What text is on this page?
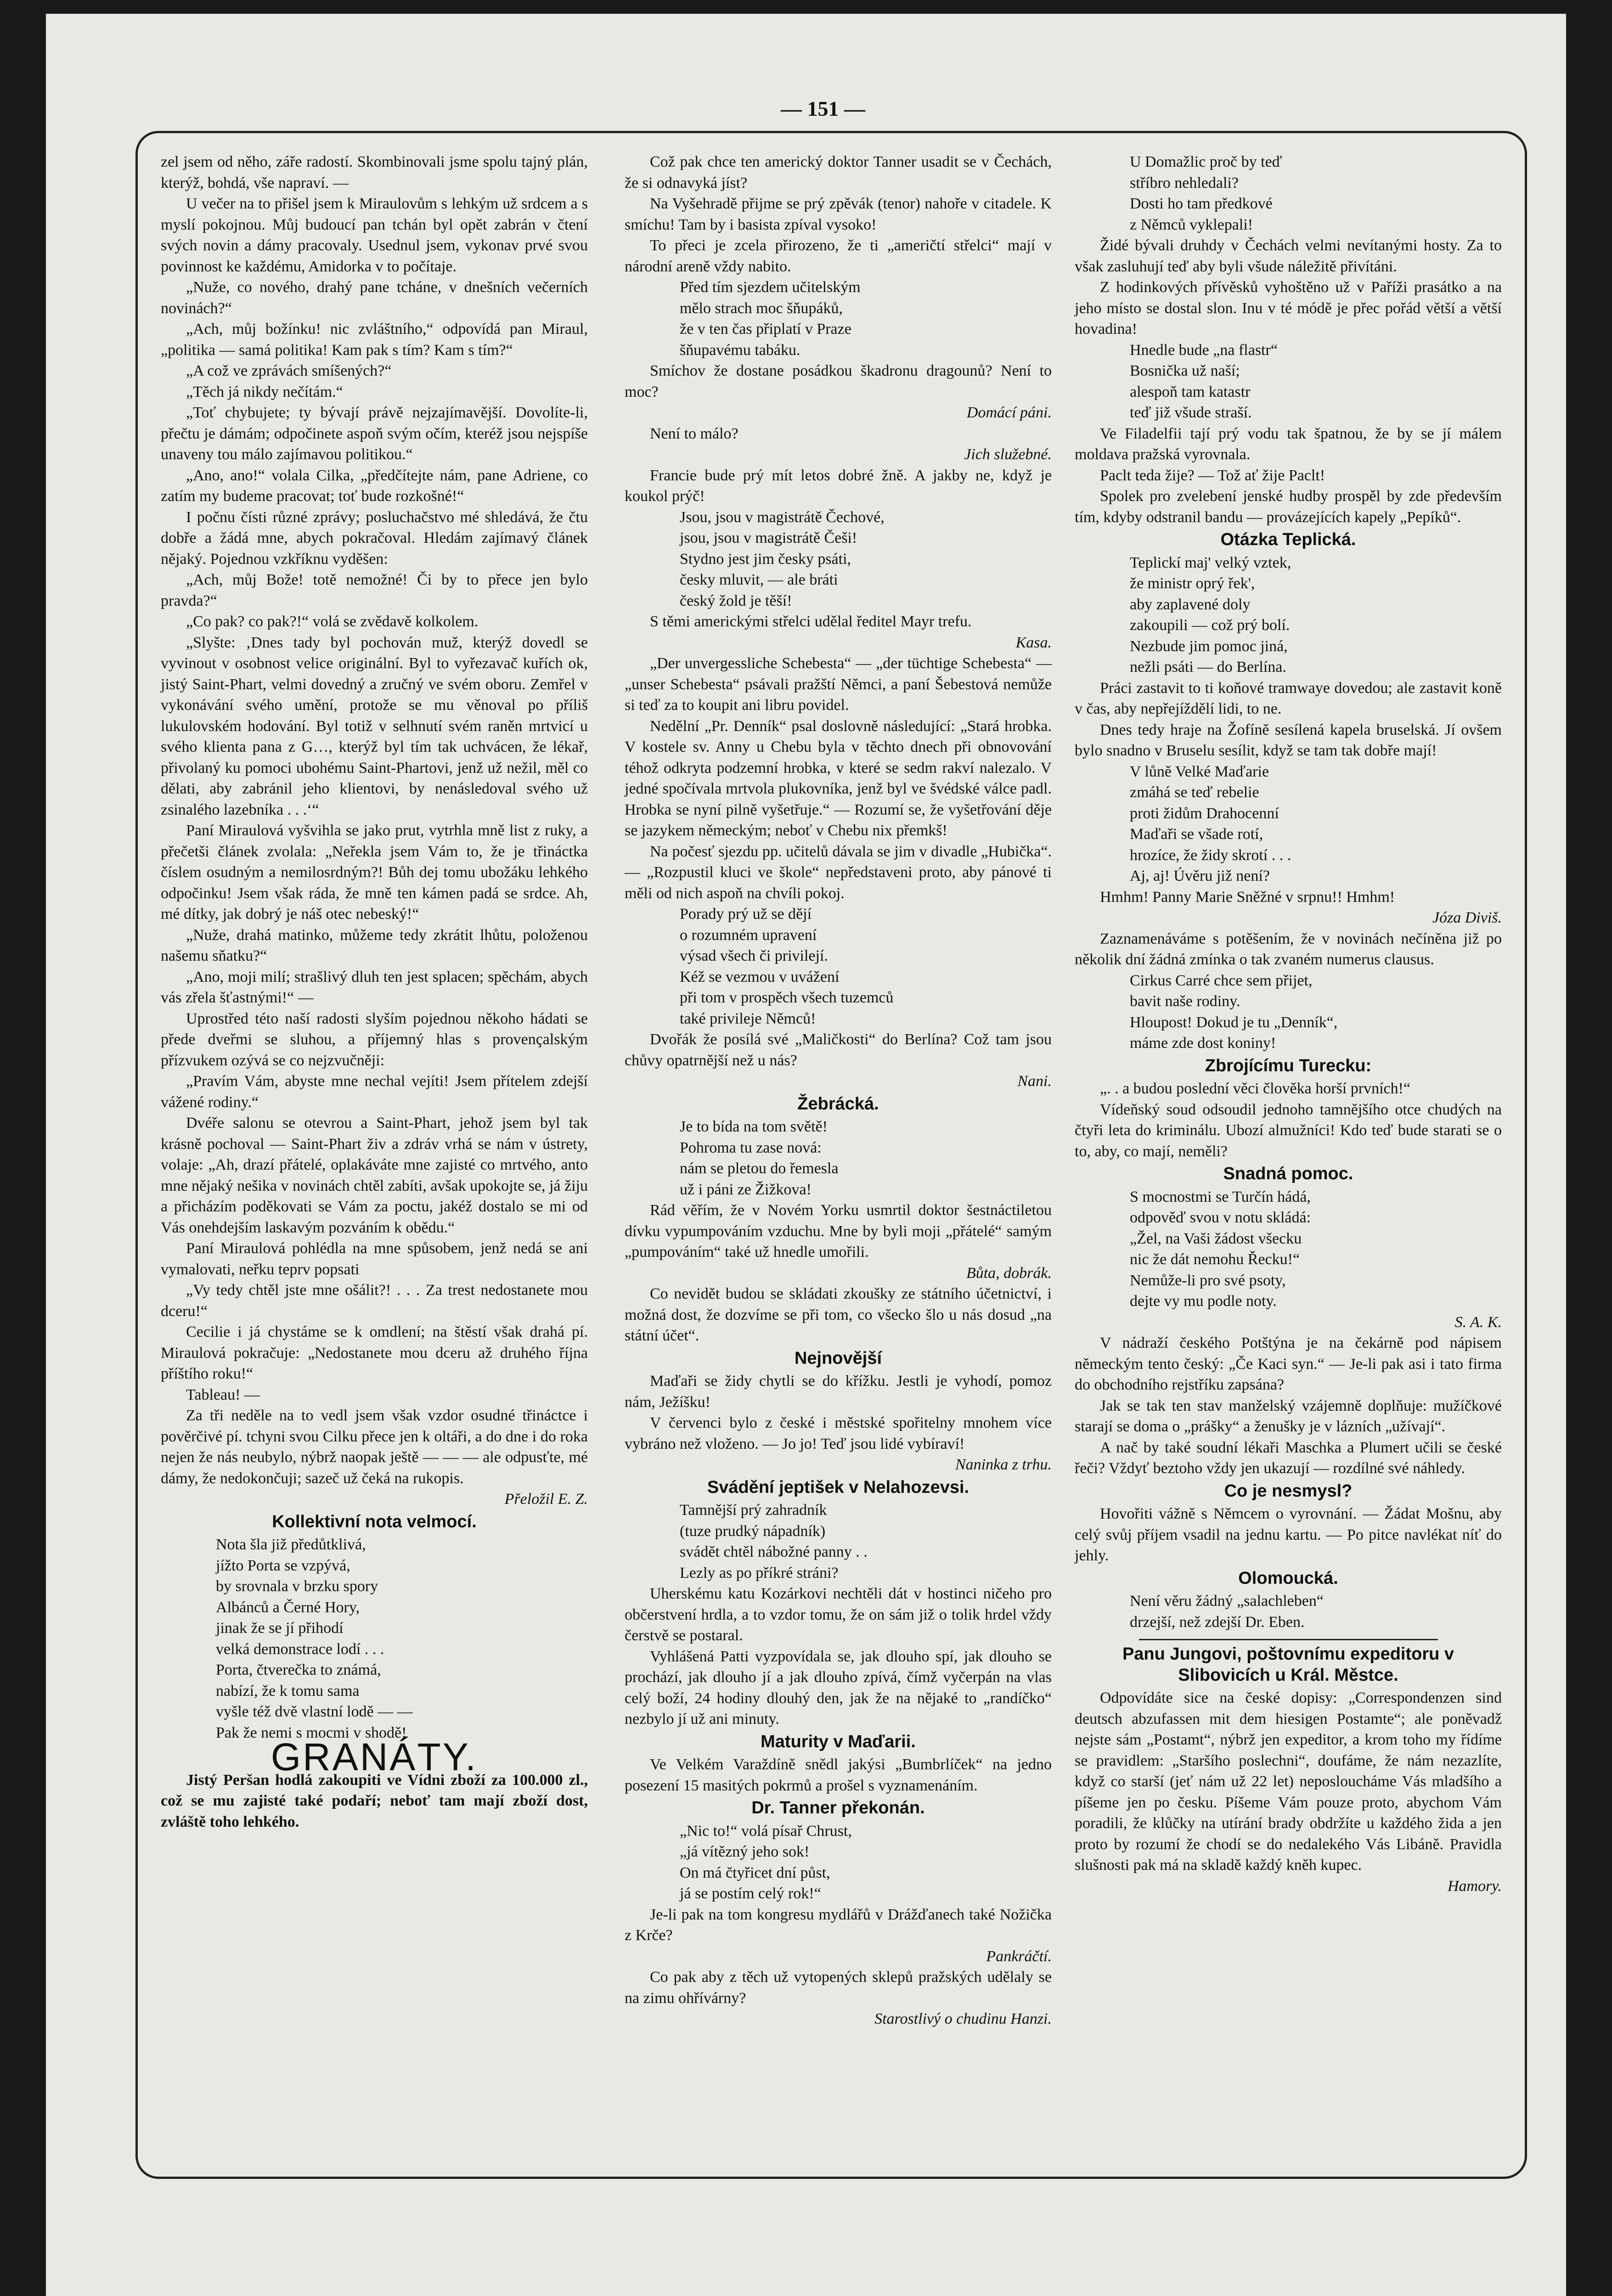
— 151 —

zel jsem od něho, záře radostí. Skombinovali jsme spolu tajný plán, kterýž, bohdá, vše napraví. —

U večer na to přišel jsem k Miraulovům s lehkým už srdcem a s myslí pokojnou. Můj budoucí pan tchán byl opět zabrán v čtení svých novin a dámy pracovaly. Usednul jsem, vykonav prvé svou povinnost ke každému, Amidorka v to počítaje.

„Nuže, co nového, drahý pane tcháne, v dnešních večerních novinách?“

„Ach, můj božínku! nic zvláštního,“ odpovídá pan Miraul, „politika — samá politika! Kam pak s tím? Kam s tím?“

„A což ve zprávách smíšených?“

„Těch já nikdy nečítám.“

„Toť chybujete; ty bývají právě nejzajímavější. Dovolíte-li, přečtu je dámám; odpočinete aspoň svým očím, kteréž jsou nejspíše unaveny tou málo zajímavou politikou.“

„Ano, ano!“ volala Cilka, „předčítejte nám, pane Adriene, co zatím my budeme pracovat; toť bude rozkošné!“

I počnu čísti různé zprávy; posluchačstvo mé shledává, že čtu dobře a žádá mne, abych pokračoval. Hledám zajímavý článek nějaký. Pojednou vzkříknu vyděšen:

„Ach, můj Bože! totě nemožné! Či by to přece jen bylo pravda?“

„Co pak? co pak?!“ volá se zvědavě kolkolem.

„Slyšte: ‚Dnes tady byl pochován muž, kterýž dovedl se vyvinout v osobnost velice originální. Byl to vyřezavač kuřích ok, jistý Saint-Phart, velmi dovedný a zručný ve svém oboru. Zemřel v vykonávání svého umění, protože se mu věnoval po příliš lukulovském hodování. Byl totiž v selhnutí svém raněn mrtvicí u svého klienta pana z G…, kterýž byl tím tak uchvácen, že lékař, přivolaný ku pomoci ubohému Saint-Phartovi, jenž už nežil, měl co dělati, aby zabránil jeho klientovi, by nenásledoval svého už zsinalého lazebníka . . .‘“

Paní Miraulová vyšvihla se jako prut, vytrhla mně list z ruky, a přečetši článek zvolala: „Neřekla jsem Vám to, že je třináctka číslem osudným a nemilosrdným?! Bůh dej tomu ubožáku lehkého odpočinku! Jsem však ráda, že mně ten kámen padá se srdce. Ah, mé dítky, jak dobrý je náš otec nebeský!“

„Nuže, drahá matinko, můžeme tedy zkrátit lhůtu, položenou našemu sňatku?“

„Ano, moji milí; strašlivý dluh ten jest splacen; spěchám, abych vás zřela šťastnými!“ —

Uprostřed této naší radosti slyším pojednou někoho hádati se přede dveřmi se sluhou, a příjemný hlas s provençalským přízvukem ozývá se co nejzvučněji:

„Pravím Vám, abyste mne nechal vejíti! Jsem přítelem zdejší vážené rodiny.“

Dvéře salonu se otevrou a Saint-Phart, jehož jsem byl tak krásně pochoval — Saint-Phart živ a zdráv vrhá se nám v ústrety, volaje: „Ah, drazí přátelé, oplakáváte mne zajisté co mrtvého, anto mne nějaký nešika v novinách chtěl zabíti, avšak upokojte se, já žiju a přicházím poděkovati se Vám za poctu, jakéž dostalo se mi od Vás onehdejším laskavým pozváním k obědu.“

Paní Miraulová pohlédla na mne spůsobem, jenž nedá se ani vymalovati, neřku teprv popsati

„Vy tedy chtěl jste mne ošálit?! . . . Za trest nedostanete mou dceru!“

Cecilie i já chystáme se k omdlení; na štěstí však drahá pí. Miraulová pokračuje: „Nedostanete mou dceru až druhého října příštího roku!“

Tableau! —

Za tři neděle na to vedl jsem však vzdor osudné třináctce i pověrčivé pí. tchyni svou Cilku přece jen k oltáři, a do dne i do roka nejen že nás neubylo, nýbrž naopak ještě — — — ale odpusťte, mé dámy, že nedokončuji; sazeč už čeká na rukopis.

Přeložil E. Z.

Kollektivní nota velmocí.

Nota šla již předůtklivá,

jížto Porta se vzpývá,

by srovnala v brzku spory

Albánců a Černé Hory,

jinak že se jí přihodí

velká demonstrace lodí . . .

Porta, čtverečka to známá,

nabízí, že k tomu sama

vyšle též dvě vlastní lodě — —

Pak že nemi s mocmi v shodě!

GRANÁTY.

Jistý Peršan hodlá zakoupiti ve Vídni zboží za 100.000 zl., což se mu zajisté také podaří; neboť tam mají zboží dost, zvláště toho lehkého.

Což pak chce ten americký doktor Tanner usadit se v Čechách, že si odnavyká jíst?

Na Vyšehradě přijme se prý zpěvák (tenor) nahoře v citadele. K smíchu! Tam by i basista zpíval vysoko!

To přeci je zcela přirozeno, že ti „američtí střelci“ mají v národní areně vždy nabito.

Před tím sjezdem učitelským

mělo strach moc šňupáků,

že v ten čas připlatí v Praze

šňupavému tabáku.

Smíchov že dostane posádkou škadronu dragounů? Není to moc?

Domácí páni.

Není to málo?

Jich služebné.

Francie bude prý mít letos dobré žně. A jakby ne, když je koukol prýč!

Jsou, jsou v magistrátě Čechové,

jsou, jsou v magistrátě Češi!

Stydno jest jim česky psáti,

česky mluvit, — ale bráti

český žold je těší!

S těmi americkými střelci udělal ředitel Mayr trefu.

Kasa.

„Der unvergessliche Schebesta“ — „der tüchtige Schebesta“ — „unser Schebesta“ psávali pražští Němci, a paní Šebestová nemůže si teď za to koupit ani libru povidel.

Nedělní „Pr. Denník“ psal doslovně následující: „Stará hrobka. V kostele sv. Anny u Chebu byla v těchto dnech při obnovování téhož odkryta podzemní hrobka, v které se sedm rakví nalezalo. V jedné spočívala mrtvola plukovníka, jenž byl ve švédské válce padl. Hrobka se nyní pilně vyšetřuje.“ — Rozumí se, že vyšetřování děje se jazykem německým; neboť v Chebu nix přemkš!

Na počesť sjezdu pp. učitelů dávala se jim v divadle „Hubička“. — „Rozpustil kluci ve škole“ nepředstaveni proto, aby pánové ti měli od nich aspoň na chvíli pokoj.

Porady prý už se dějí

o rozumném upravení

výsad všech či privilejí.

Kéž se vezmou v uvážení

při tom v prospěch všech tuzemců

také privileje Němců!

Dvořák že posílá své „Maličkosti“ do Berlína? Což tam jsou chůvy opatrnější než u nás?

Nani.

Žebrácká.

Je to bída na tom světě!

Pohroma tu zase nová:

nám se pletou do řemesla

už i páni ze Žižkova!

Rád věřím, že v Novém Yorku usmrtil doktor šestnáctiletou dívku vypumpováním vzduchu. Mne by byli moji „přátelé“ samým „pumpováním“ také už hnedle umořili.

Bůta, dobrák.

Co nevidět budou se skládati zkoušky ze státního účetnictví, i možná dost, že dozvíme se při tom, co všecko šlo u nás dosud „na státní účet“.

Nejnovější

Maďaři se židy chytli se do křížku. Jestli je vyhodí, pomoz nám, Ježíšku!

V červenci bylo z české i městské spořitelny mnohem více vybráno než vloženo. — Jo jo! Teď jsou lidé vybíraví!

Naninka z trhu.

Svádění jeptišek v Nelahozevsi.

Tamnější prý zahradník

(tuze prudký nápadník)

svádět chtěl nábožné panny . .

Lezly as po příkré stráni?

Uherskému katu Kozárkovi nechtěli dát v hostinci ničeho pro občerstvení hrdla, a to vzdor tomu, že on sám již o tolik hrdel vždy čerstvě se postaral.

Vyhlášená Patti vyzpovídala se, jak dlouho spí, jak dlouho se prochází, jak dlouho jí a jak dlouho zpívá, čímž vyčerpán na vlas celý boží, 24 hodiny dlouhý den, jak že na nějaké to „randíčko“ nezbylo jí už ani minuty.

Maturity v Maďarii.

Ve Velkém Varaždíně snědl jakýsi „Bumbrlíček“ na jedno posezení 15 masitých pokrmů a prošel s vyznamenáním.

Dr. Tanner překonán.

„Nic to!“ volá písař Chrust,

„já vítězný jeho sok!

On má čtyřicet dní půst,

já se postím celý rok!“

Je-li pak na tom kongresu mydlářů v Drážďanech také Nožička z Krče?

Pankráčtí.

Co pak aby z těch už vytopených sklepů pražských udělaly se na zimu ohřívárny?

Starostlivý o chudinu Hanzi.

U Domažlic proč by teď

stříbro nehledali?

Dosti ho tam předkové

z Němců vyklepali!

Židé bývali druhdy v Čechách velmi nevítanými hosty. Za to však zasluhují teď aby byli všude náležitě přivítáni.

Z hodinkových přívěsků vyhoštěno už v Paříži prasátko a na jeho místo se dostal slon. Inu v té módě je přec pořád větší a větší hovadina!

Hnedle bude „na flastr“

Bosnička už naší;

alespoň tam katastr

teď již všude straší.

Ve Filadelfii tají prý vodu tak špatnou, že by se jí málem moldava pražská vyrovnala.

Paclt teda žije? — Tož ať žije Paclt!

Spolek pro zvelebení jenské hudby prospěl by zde především tím, kdyby odstranil bandu — provázejících kapely „Pepíků“.

Otázka Teplická.

Teplickí maj' velký vztek,

že ministr oprý řek',

aby zaplavené doly

zakoupili — což prý bolí.

Nezbude jim pomoc jiná,

nežli psáti — do Berlína.

Práci zastavit to ti koňové tramwaye dovedou; ale zastavit koně v čas, aby nepřejíždělí lidi, to ne.

Dnes tedy hraje na Žofíně sesílená kapela bruselská. Jí ovšem bylo snadno v Bruselu sesílit, když se tam tak dobře mají!

V lůně Velké Maďarie

zmáhá se teď rebelie

proti židům Drahocenní

Maďaři se všade rotí,

hrozíce, že židy skrotí . . .

Aj, aj! Úvěru již není?

Hmhm! Panny Marie Sněžné v srpnu!! Hmhm!

Józa Diviš.

Zaznamenáváme s potěšením, že v novinách nečíněna již po několik dní žádná zmínka o tak zvaném numerus clausus.

Cirkus Carré chce sem přijet,

bavit naše rodiny.

Hloupost! Dokud je tu „Denník“,

máme zde dost koniny!

Zbrojícímu Turecku:

„. . a budou poslední věci člověka horší prvních!“

Vídeňský soud odsoudil jednoho tamnějšího otce chudých na čtyři leta do kriminálu. Ubozí almužníci! Kdo teď bude starati se o to, aby, co mají, neměli?

Snadná pomoc.

S mocnostmi se Turčín hádá,

odpověď svou v notu skládá:

„Žel, na Vaši žádost všecku

nic že dát nemohu Řecku!“

Nemůže-li pro své psoty,

dejte vy mu podle noty.

S. A. K.

V nádraží českého Potštýna je na čekárně pod nápisem německým tento český: „Če Kaci syn.“ — Je-li pak asi i tato firma do obchodního rejstříku zapsána?

Jak se tak ten stav manželský vzájemně doplňuje: mužíčkové starají se doma o „prášky“ a ženušky je v lázních „užívají“.

A nač by také soudní lékaři Maschka a Plumert učili se české řeči? Vždyť beztoho vždy jen ukazují — rozdílné své náhledy.

Co je nesmysl?

Hovořiti vážně s Němcem o vyrovnání. — Žádat Mošnu, aby celý svůj příjem vsadil na jednu kartu. — Po pitce navlékat níť do jehly.

Olomoucká.

Není věru žádný „salachleben“

drzejší, než zdejší Dr. Eben.

Panu Jungovi, poštovnímu expeditoru v Slibovicích u Král. Městce.

Odpovídáte sice na české dopisy: „Correspondenzen sind deutsch abzufassen mit dem hiesigen Postamte“; ale poněvadž nejste sám „Postamt“, nýbrž jen expeditor, a krom toho my řídíme se pravidlem: „Staršího poslechni“, doufáme, že nám nezazlíte, když co starší (jeť nám už 22 let) neposloucháme Vás mladšího a píšeme jen po česku. Píšeme Vám pouze proto, abychom Vám poradili, že klůčky na utírání brady obdržíte u každého žida a jen proto by rozumí že chodí se do nedalekého Vás Libáně. Pravidla slušnosti pak má na skladě každý kněh kupec.

Hamory.
